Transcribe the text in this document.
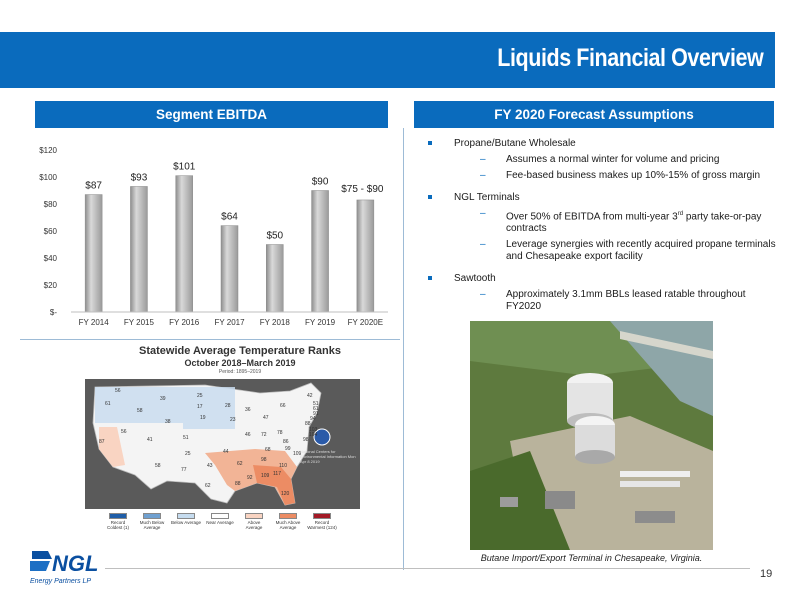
Liquids Financial Overview
Segment EBITDA	FY 2020 Forecast Assumptions
$-
$20
$40
$60
$80
$100
$120
$87
$93
$101
$64
$50
$90
$75 - $90
FY 2014 FY 2015 FY 2016 FY 2017 FY 2018 FY 2019 FY 2020E
Propane/Butane Wholesale
– Assumes a normal winter for volume and pricing
– Fee-based business makes up 10%-15% of gross margin
NGL Terminals
– Over 50% of EBITDA from multi-year 3rd party take-or-pay contracts
– Leverage synergies with recently acquired propane terminals and Chesapeake export facility
Sawtooth
– Approximately 3.1mm BBLs leased ratable throughout FY2020
Statewide Average Temperature Ranks
October 2018–March 2019
Period: 1895–2019
56
61
39	25
58
17	28
36
66
42
51
61
91
94
88
103
104
98
87
56
38
19	23	47
41	51	46 72 78
86
99
109
25	44	68
58
77
43	62
98
110
92 109 117
62	88
120
National Centers for Environmental Information Mon Apr 8 2019
Record Coldest (1)
Much Below Average
Below Average Near Average	Above Average
Much Above Average
Record Warmest (124)
Butane Import/Export Terminal in Chesapeake, Virginia.
NGL
Energy Partners LP
19
